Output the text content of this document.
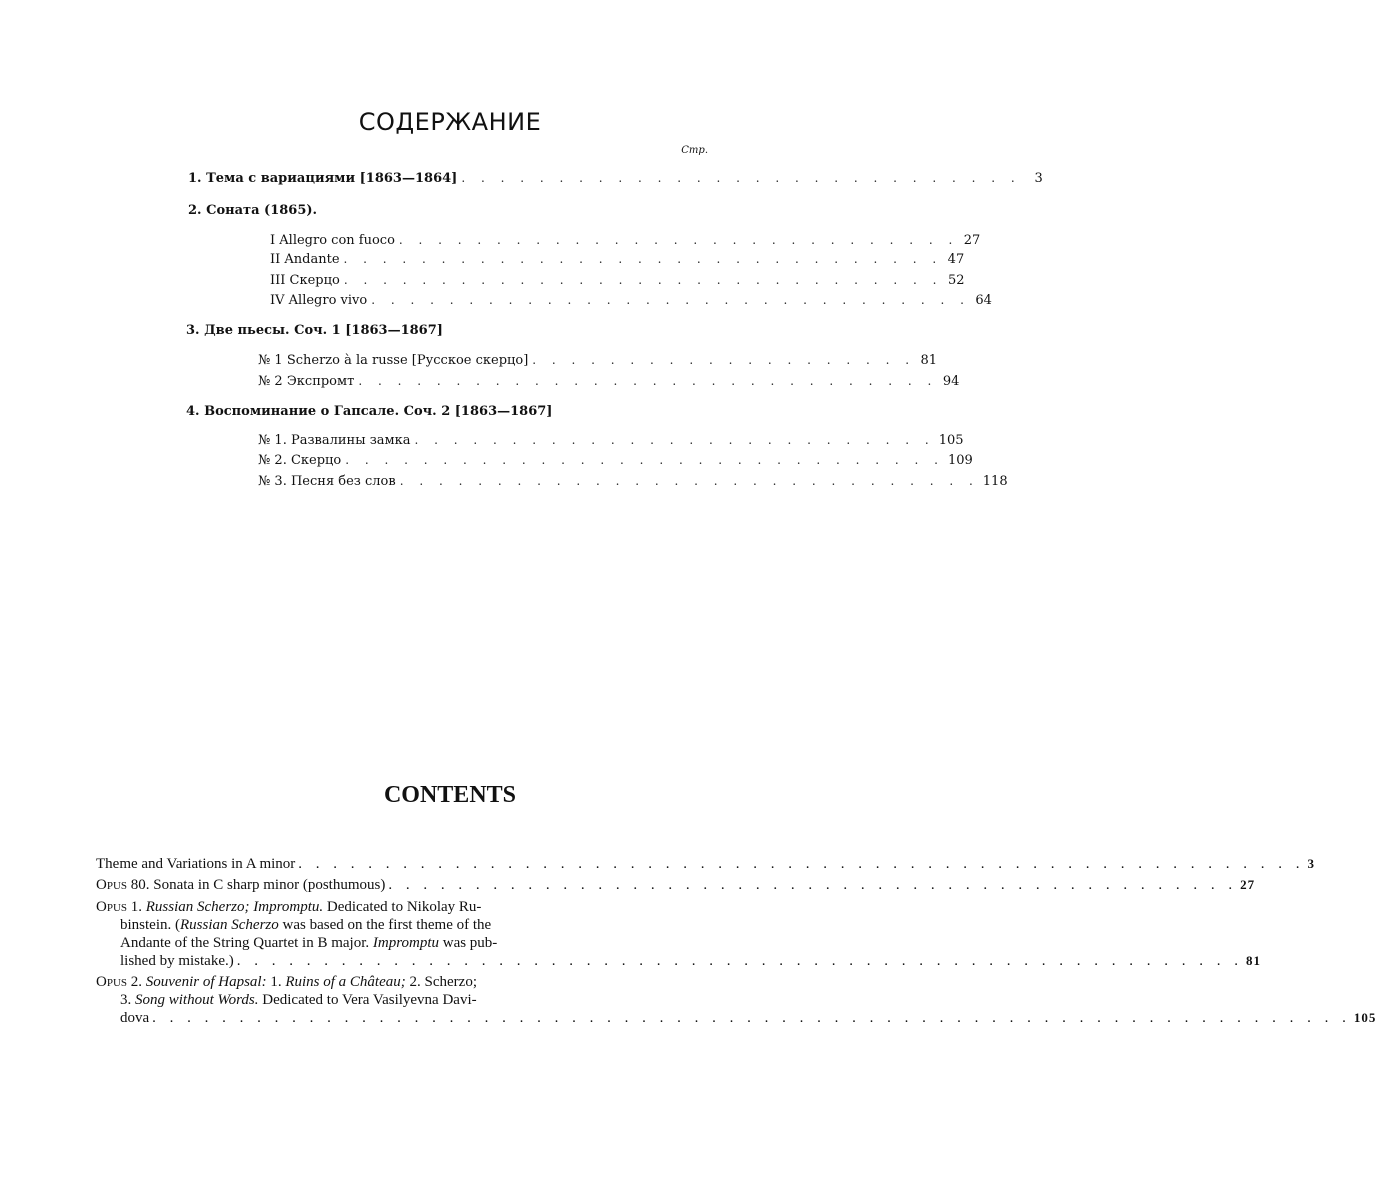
СОДЕРЖАНИЕ
Стр.
1. Тема с вариациями [1863—1864] . . . . . . . . . . . . . . . . . . . . . . . . . . . . .	3
2. Соната (1865).
I Allegro con fuoco . . . . . . . . . . . . . . . . . . . . . . . . . . . . . 27
II Andante . . . . . . . . . . . . . . . . . . . . . . . . . . . . . . . 47
III Скерцо . . . . . . . . . . . . . . . . . . . . . . . . . . . . . . . 52
IV Allegro vivo . . . . . . . . . . . . . . . . . . . . . . . . . . . . . . . 64
3. Две пьесы. Соч. 1 [1863—1867]
№ 1 Scherzo à la russe [Русское скерцо] . . . . . . . . . . . . . . . . . . . . 81
№ 2 Экспромт . . . . . . . . . . . . . . . . . . . . . . . . . . . . . . 94
4. Воспоминание о Гапсале. Соч. 2 [1863—1867]
№ 1. Развалины замка . . . . . . . . . . . . . . . . . . . . . . . . . . . 105
№ 2. Скерцо . . . . . . . . . . . . . . . . . . . . . . . . . . . . . . . 109
№ 3. Песня без слов . . . . . . . . . . . . . . . . . . . . . . . . . . . . . . 118
CONTENTS
Theme and Variations in A minor . . . . . . . . . . . . . . . . . . . . . . . . . . . . . . . . . . . . . . . . . . . . . . . . . . . . . . . . . . 3
Opus 80.
Sonata in C sharp minor (posthumous) . . . . . . . . . . . . . . . . . . . . . . . . . . . . . . . . . . . . . . . . . . . . . . . . . 27
Opus 1. Russian Scherzo; Impromptu. Dedicated to Nikolay Ru-
binstein. (Russian Scherzo was based on the first theme of the
Andante of the String Quartet in B major. Impromptu was pub-
lished by mistake.) . . . . . . . . . . . . . . . . . . . . . . . . . . . . . . . . . . . . . . . . . . . . . . . . . . . . . . . . . . 81
Opus 2. Souvenir of Hapsal: 1. Ruins of a Château; 2. Scherzo;
3. Song without Words. Dedicated to Vera Vasilyevna Davi-
dova . . . . . . . . . . . . . . . . . . . . . . . . . . . . . . . . . . . . . . . . . . . . . . . . . . . . . . . . . . . . . . . . . . . . . 105
